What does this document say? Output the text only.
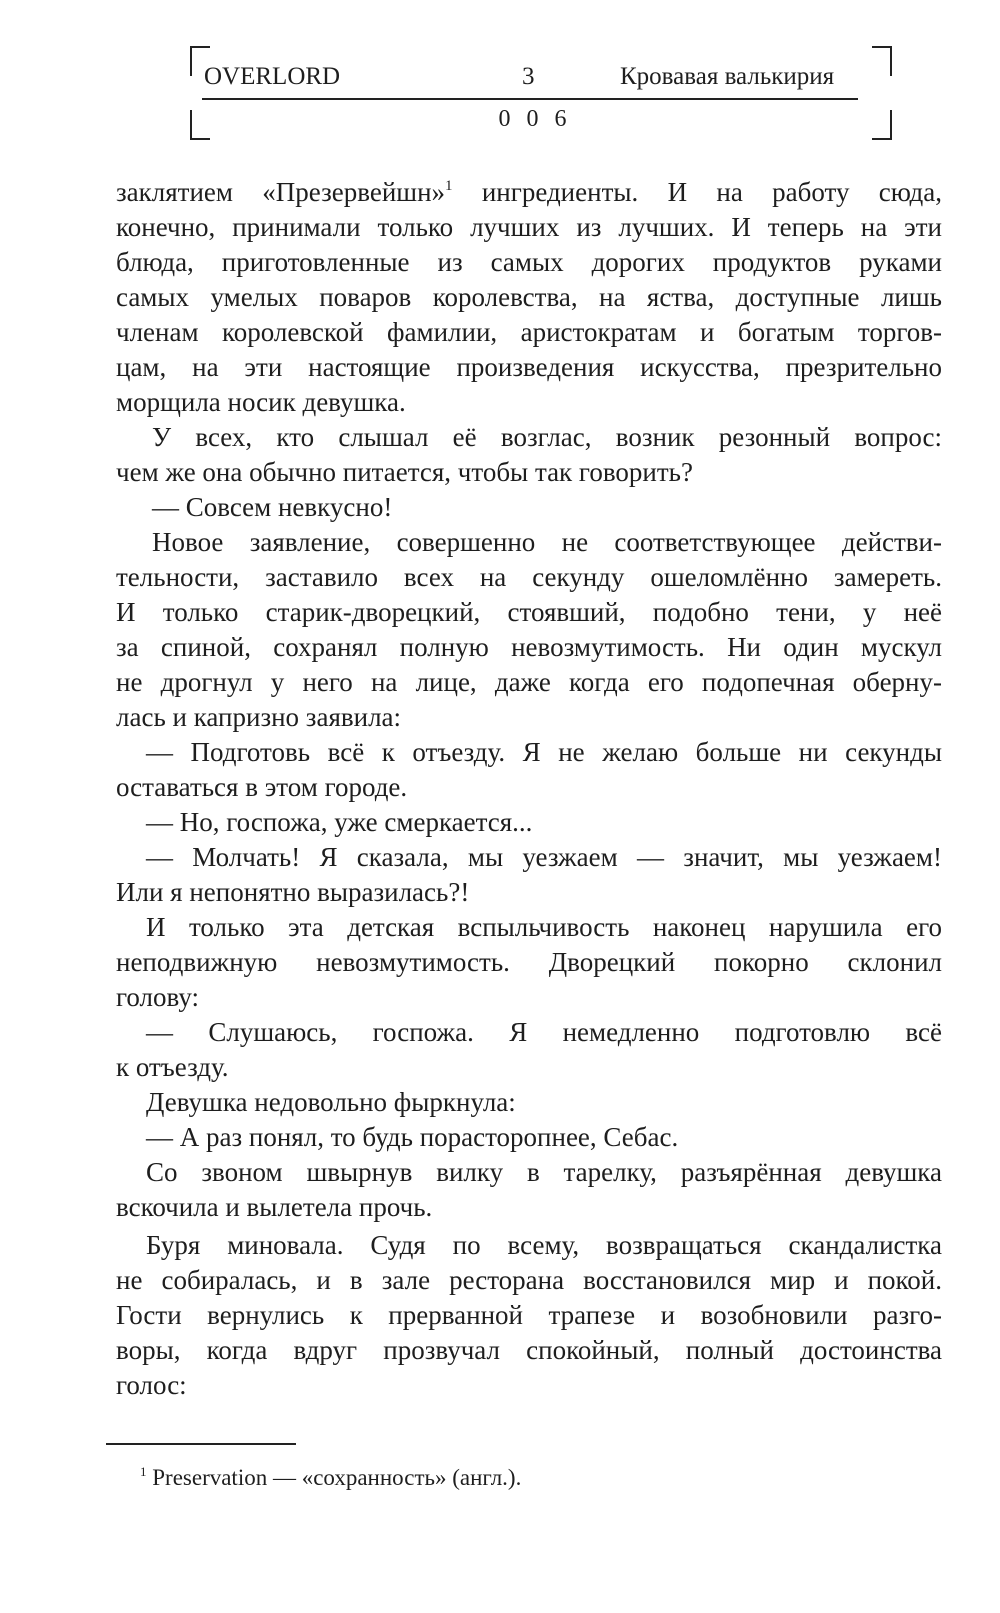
OVERLORD	3	Кровавая валькирия
0 0 6
заклятием «Презервейшн»$^1$ ингредиенты. И на работу сюда,
конечно, принимали только лучших из лучших. И теперь на эти
блюда, приготовленные из самых дорогих продуктов руками
самых умелых поваров королевства, на яства, доступные лишь
членам королевской фамилии, аристократам и богатым торгов-
цам, на эти настоящие произведения искусства, презрительно
морщила носик девушка.
У всех, кто слышал её возглас, возник резонный вопрос:
чем же она обычно питается, чтобы так говорить?
— Совсем невкусно!
Новое заявление, совершенно не соответствующее действи-
тельности, заставило всех на секунду ошеломлённо замереть.
И только старик-дворецкий, стоявший, подобно тени, у неё
за спиной, сохранял полную невозмутимость. Ни один мускул
не дрогнул у него на лице, даже когда его подопечная оберну-
лась и капризно заявила:
— Подготовь всё к отъезду. Я не желаю больше ни секунды
оставаться в этом городе.
— Но, госпожа, уже смеркается...
— Молчать! Я сказала, мы уезжаем — значит, мы уезжаем!
Или я непонятно выразилась?!
И только эта детская вспыльчивость наконец нарушила его
неподвижную невозмутимость. Дворецкий покорно склонил
голову:
— Слушаюсь, госпожа. Я немедленно подготовлю всё
к отъезду.
Девушка недовольно фыркнула:
— А раз понял, то будь порасторопнее, Себас.
Со звоном швырнув вилку в тарелку, разъярённая девушка
вскочила и вылетела прочь.
Буря миновала. Судя по всему, возвращаться скандалистка
не собиралась, и в зале ресторана восстановился мир и покой.
Гости вернулись к прерванной трапезе и возобновили разго-
воры, когда вдруг прозвучал спокойный, полный достоинства
голос:
$^1$ Preservation — «сохранность» (англ.).
